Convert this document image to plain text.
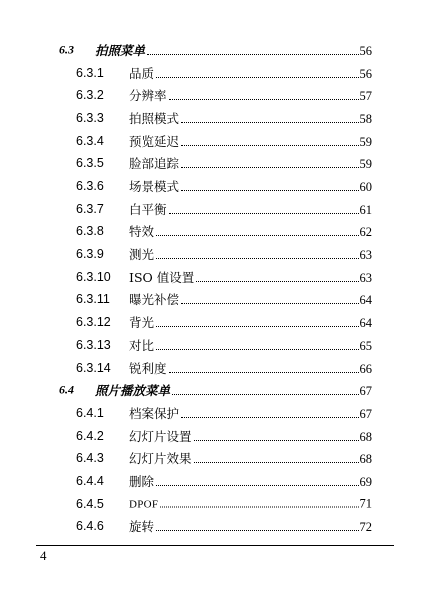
6.3 拍照菜单	56
6.3.1 品质	56
6.3.2 分辨率	57
6.3.3 拍照模式	58
6.3.4 预览延迟	59
6.3.5 脸部追踪	59
6.3.6 场景模式	60
6.3.7 白平衡	61
6.3.8 特效	62
6.3.9 测光	63
6.3.10 ISO 值设置	63
6.3.11 曝光补偿	64
6.3.12 背光	64
6.3.13 对比	65
6.3.14 锐利度	66
6.4 照片播放菜单	67
6.4.1 档案保护	67
6.4.2 幻灯片设置	68
6.4.3 幻灯片效果	68
6.4.4 删除	69
6.4.5 DPOF	71
6.4.6 旋转	72
4
